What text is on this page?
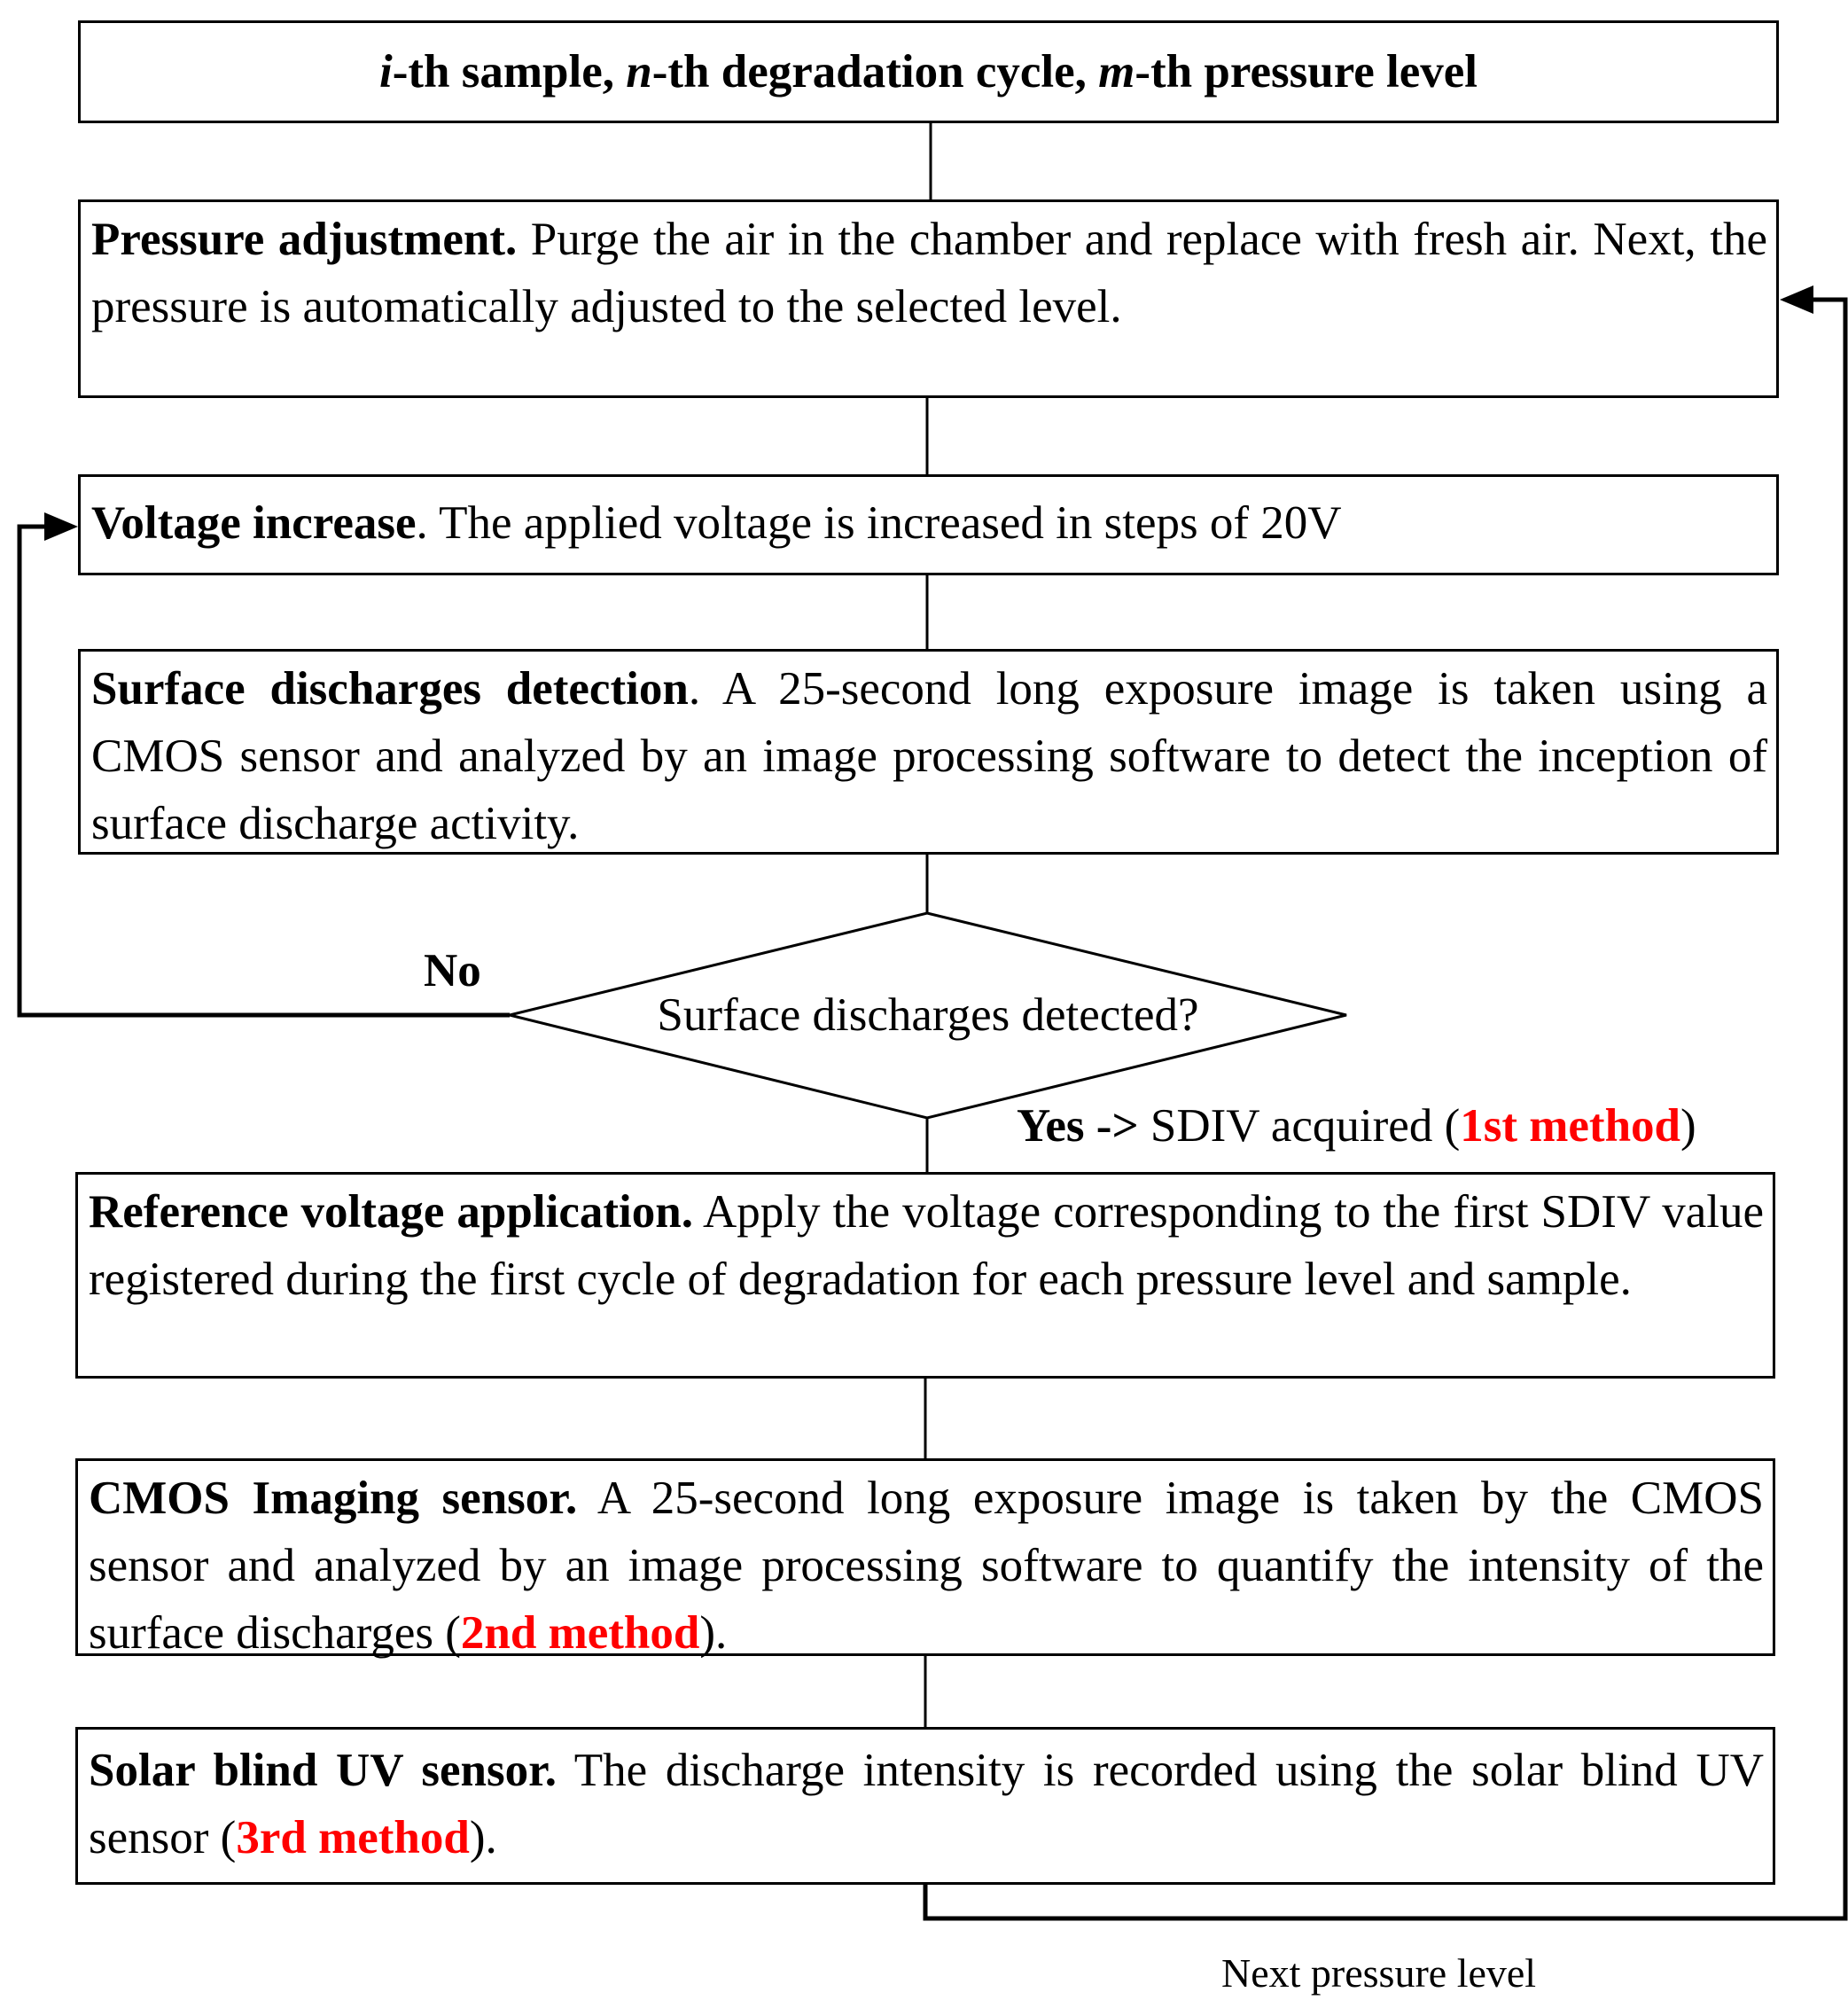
i-th sample, n-th degradation cycle, m-th pressure level
Pressure adjustment. Purge the air in the chamber and replace with fresh air. Next, the pressure is automatically adjusted to the selected level.
Voltage increase. The applied voltage is increased in steps of 20V
Surface discharges detection. A 25-second long exposure image is taken using a CMOS sensor and analyzed by an image processing software to detect the inception of surface discharge activity.
Surface discharges detected?
No
Yes -> SDIV acquired (1st method)
Reference voltage application. Apply the voltage corresponding to the first SDIV value registered during the first cycle of degradation for each pressure level and sample.
CMOS Imaging sensor. A 25-second long exposure image is taken by the CMOS sensor and analyzed by an image processing software to quantify the intensity of the surface discharges (2nd method).
Solar blind UV sensor. The discharge intensity is recorded using the solar blind UV sensor (3rd method).
Next pressure level
